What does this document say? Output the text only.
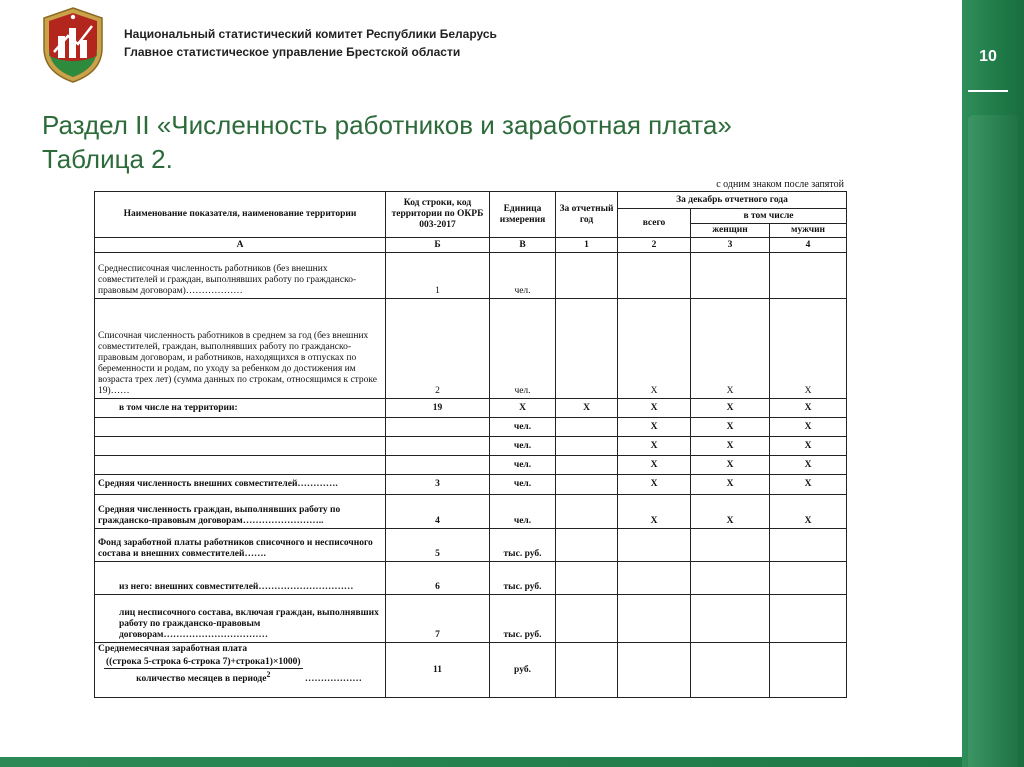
10
Национальный статистический комитет Республики Беларусь
Главное статистическое управление Брестской области
Раздел II «Численность работников и заработная плата»
Таблица 2.
с одним знаком после запятой
Наименование показателя, наименование территории	Код строки, код территории по ОКРБ 003-2017	Единица измерения	За отчетный год	За декабрь отчетного года		
				всего	в том числе	
					женщин	мужчин
А	Б	В	1	2	3	4
Среднесписочная численность работников (без внешних совместителей и граждан, выполнявших работу по гражданско-правовым договорам)………………	1	чел.				
Списочная численность работников в среднем за год (без внешних совместителей, граждан, выполнявших работу по гражданско-правовым договорам, и работников, находящихся в отпусках по беременности и родам, по уходу за ребенком до достижения им возраста трех лет) (сумма данных по строкам, относящимся к строке 19)……	2	чел.		X	X	X
в том числе на территории:	19	X	X	X	X	X
		чел.		X	X	X
		чел.		X	X	X
		чел.		X	X	X
Средняя численность внешних совместителей………….	3	чел.		X	X	X
Средняя численность граждан, выполнявших работу по гражданско-правовым договорам……………………..	4	чел.		X	X	X
Фонд заработной платы работников списочного и несписочного состава и внешних совместителей…….	5	тыс. руб.				
из него: внешних совместителей…………………………	6	тыс. руб.				
лиц несписочного состава, включая граждан, выполнявших работу по гражданско-правовым договорам……………………………	7	тыс. руб.				

Среднемесячная заработная плата
((строка 5-строка 6-строка 7)+строка1)×1000)
количество месяцев в периоде$^2$ ………………	11	руб.				
